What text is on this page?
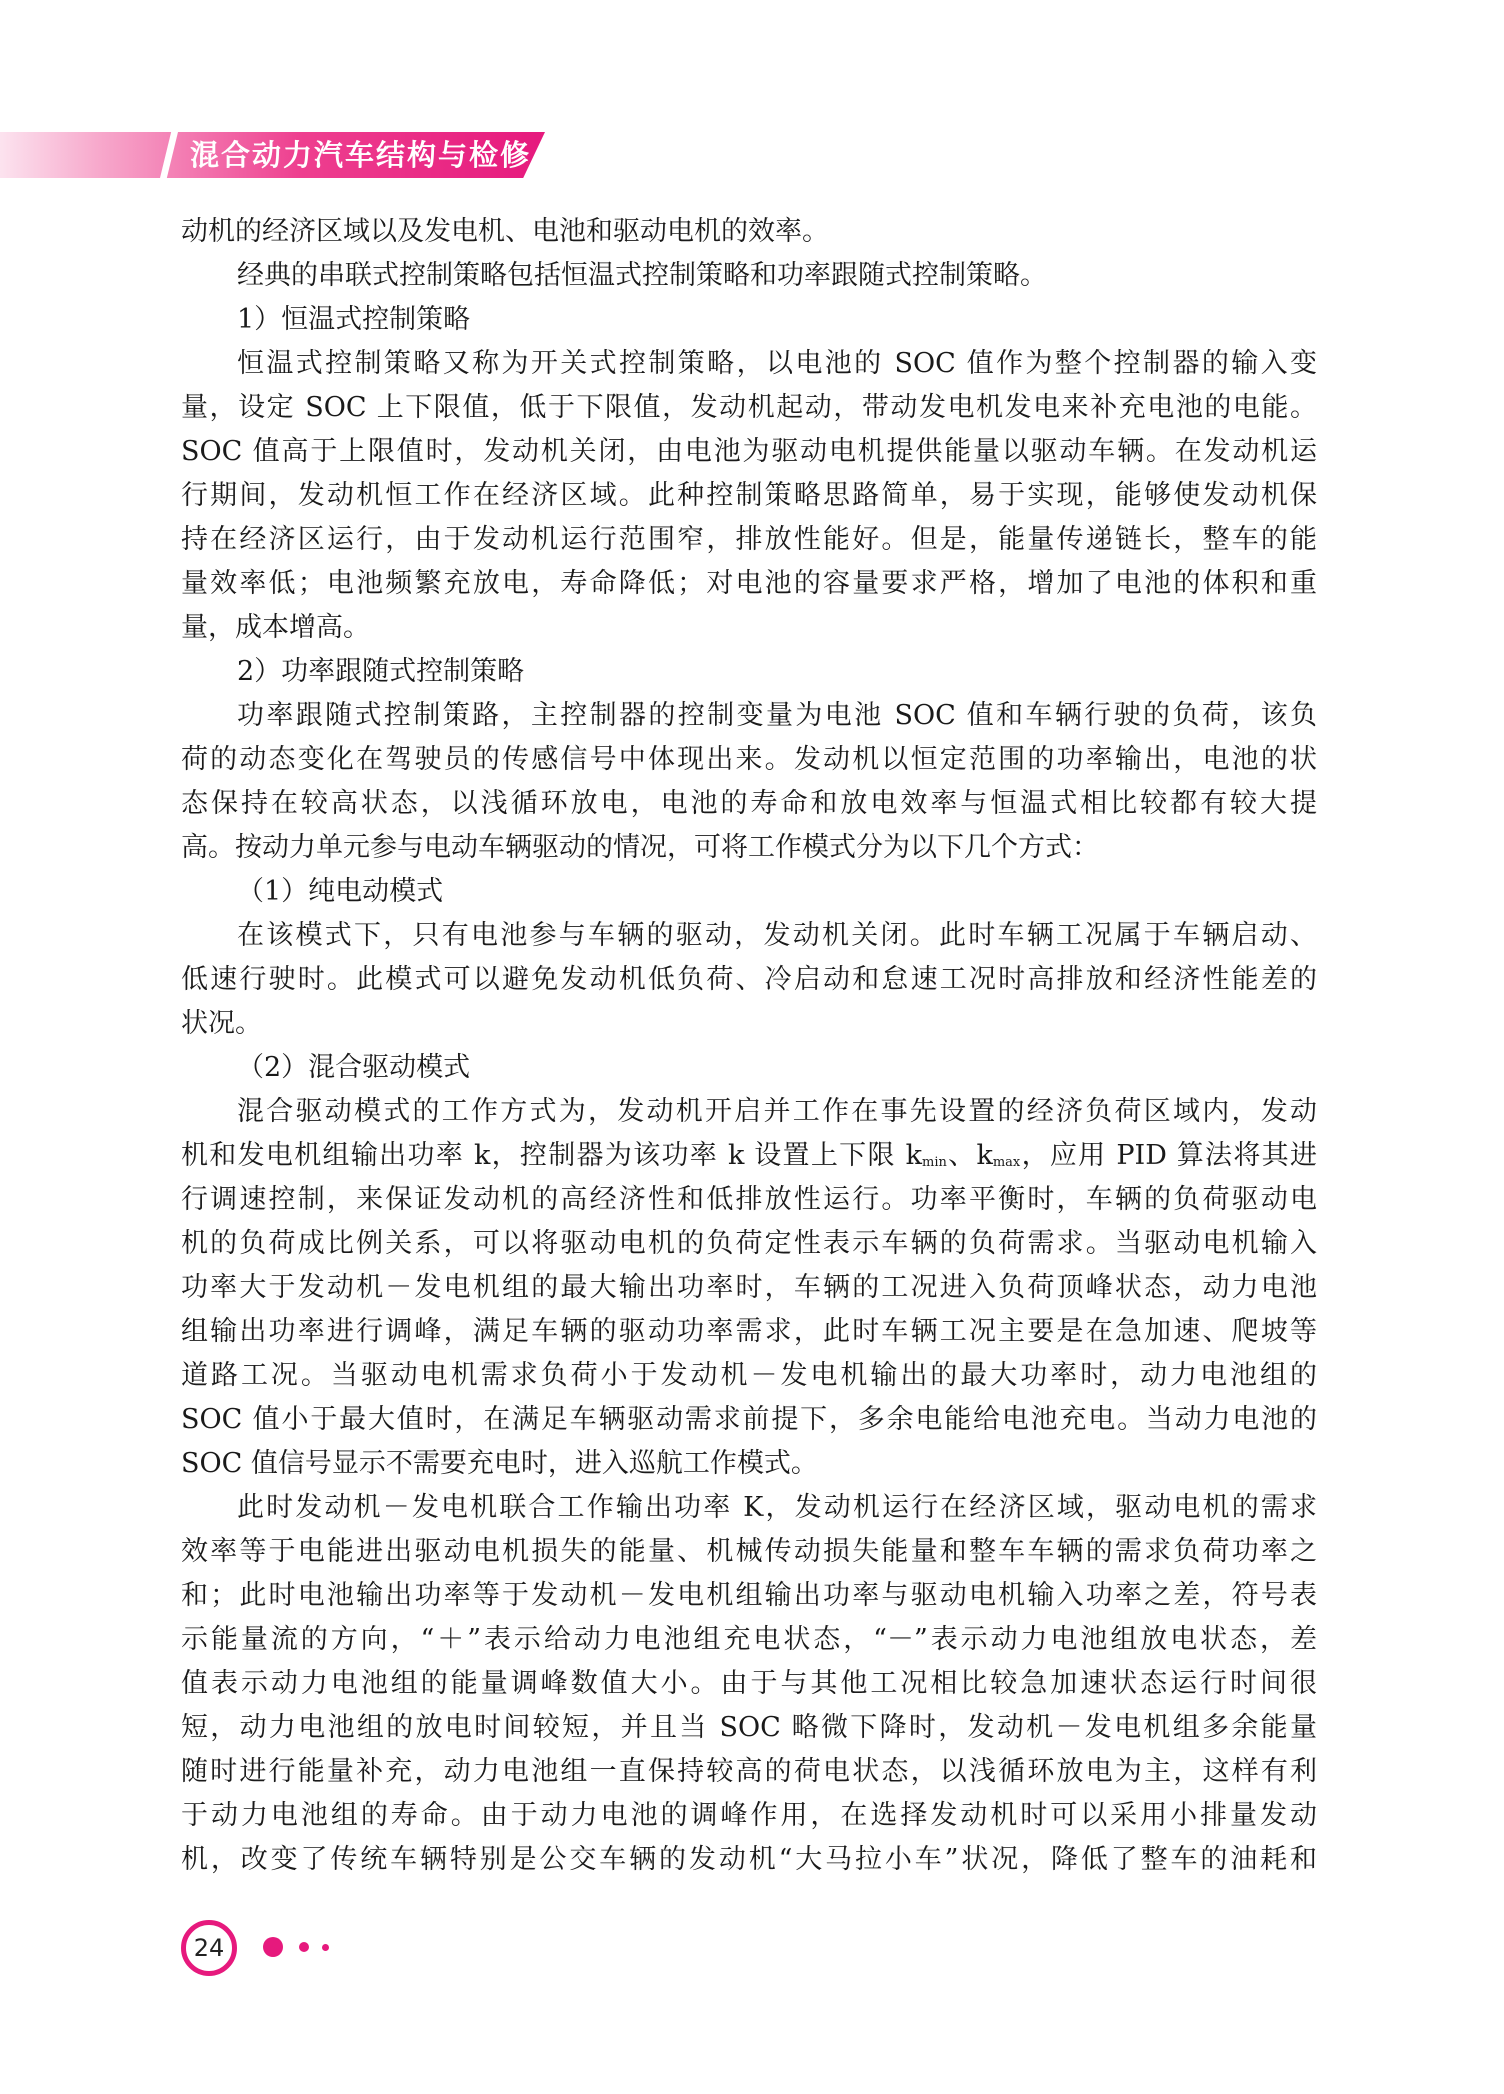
混合动力汽车结构与检修
动机的经济区域以及发电机、电池和驱动电机的效率。
经典的串联式控制策略包括恒温式控制策略和功率跟随式控制策略。
1）恒温式控制策略
恒温式控制策略又称为开关式控制策略，以电池的 SOC 值作为整个控制器的输入变
量，设定 SOC 上下限值，低于下限值，发动机起动，带动发电机发电来补充电池的电能。
SOC 值高于上限值时，发动机关闭，由电池为驱动电机提供能量以驱动车辆。在发动机运
行期间，发动机恒工作在经济区域。此种控制策略思路简单，易于实现，能够使发动机保
持在经济区运行，由于发动机运行范围窄，排放性能好。但是，能量传递链长，整车的能
量效率低；电池频繁充放电，寿命降低；对电池的容量要求严格，增加了电池的体积和重
量，成本增高。
2）功率跟随式控制策略
功率跟随式控制策路，主控制器的控制变量为电池 SOC 值和车辆行驶的负荷，该负
荷的动态变化在驾驶员的传感信号中体现出来。发动机以恒定范围的功率输出，电池的状
态保持在较高状态，以浅循环放电，电池的寿命和放电效率与恒温式相比较都有较大提
高。按动力单元参与电动车辆驱动的情况，可将工作模式分为以下几个方式：
（1）纯电动模式
在该模式下，只有电池参与车辆的驱动，发动机关闭。此时车辆工况属于车辆启动、
低速行驶时。此模式可以避免发动机低负荷、冷启动和怠速工况时高排放和经济性能差的
状况。
（2）混合驱动模式
混合驱动模式的工作方式为，发动机开启并工作在事先设置的经济负荷区域内，发动
机和发电机组输出功率 k，控制器为该功率 k 设置上下限 kmin、kmax，应用 PID 算法将其进
行调速控制，来保证发动机的高经济性和低排放性运行。功率平衡时，车辆的负荷驱动电
机的负荷成比例关系，可以将驱动电机的负荷定性表示车辆的负荷需求。当驱动电机输入
功率大于发动机－发电机组的最大输出功率时，车辆的工况进入负荷顶峰状态，动力电池
组输出功率进行调峰，满足车辆的驱动功率需求，此时车辆工况主要是在急加速、爬坡等
道路工况。当驱动电机需求负荷小于发动机－发电机输出的最大功率时，动力电池组的
SOC 值小于最大值时，在满足车辆驱动需求前提下，多余电能给电池充电。当动力电池的
SOC 值信号显示不需要充电时，进入巡航工作模式。
此时发动机－发电机联合工作输出功率 K，发动机运行在经济区域，驱动电机的需求
效率等于电能进出驱动电机损失的能量、机械传动损失能量和整车车辆的需求负荷功率之
和；此时电池输出功率等于发动机－发电机组输出功率与驱动电机输入功率之差，符号表
示能量流的方向，“＋”表示给动力电池组充电状态，“－”表示动力电池组放电状态，差
值表示动力电池组的能量调峰数值大小。由于与其他工况相比较急加速状态运行时间很
短，动力电池组的放电时间较短，并且当 SOC 略微下降时，发动机－发电机组多余能量
随时进行能量补充，动力电池组一直保持较高的荷电状态，以浅循环放电为主，这样有利
于动力电池组的寿命。由于动力电池的调峰作用，在选择发动机时可以采用小排量发动
机，改变了传统车辆特别是公交车辆的发动机“大马拉小车”状况，降低了整车的油耗和
24
